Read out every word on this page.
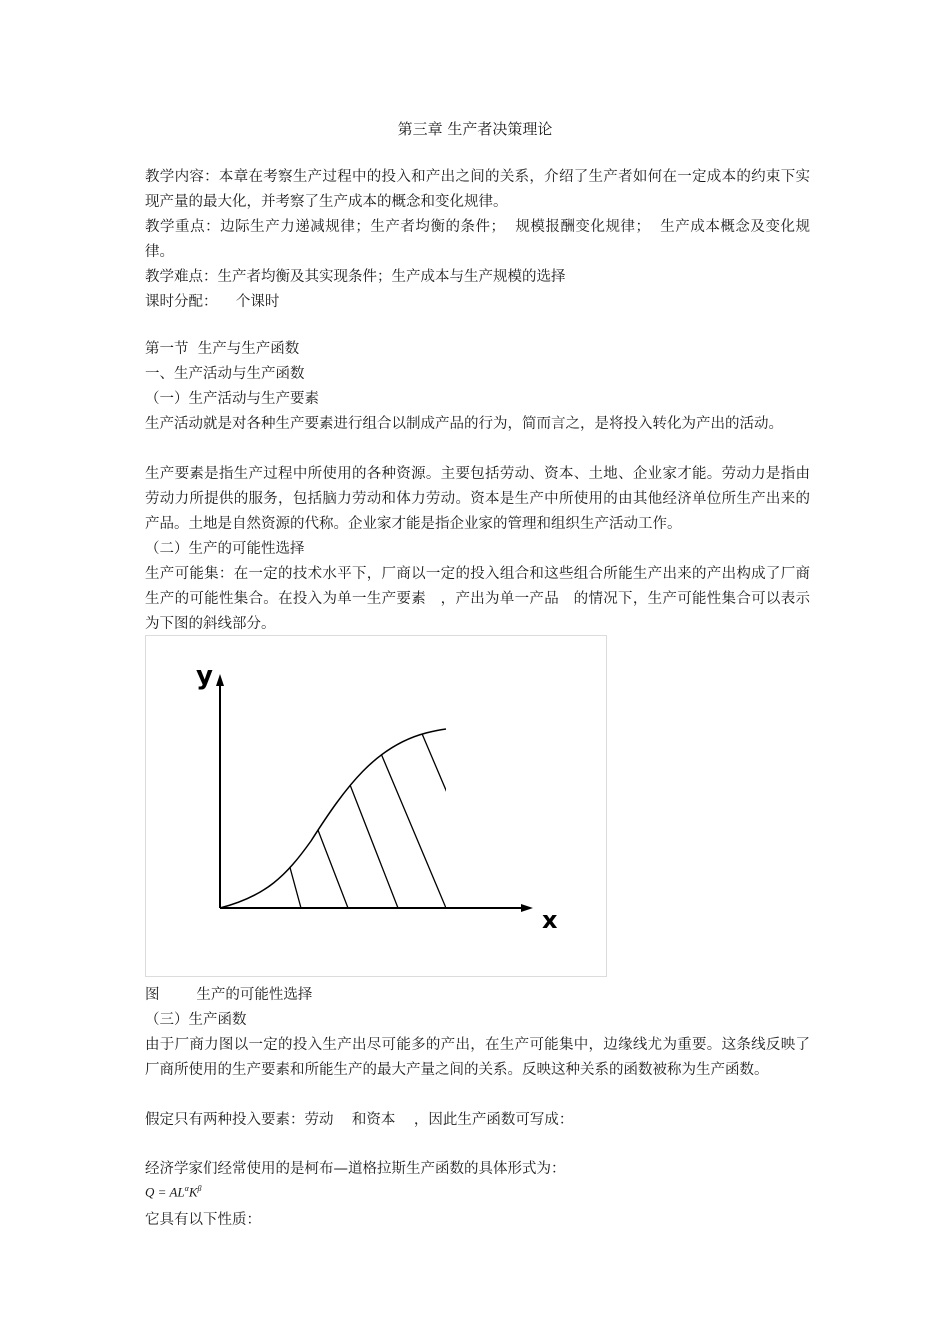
第三章 生产者决策理论
教学内容：本章在考察生产过程中的投入和产出之间的关系，介绍了生产者如何在一定成本的约束下实现产量的最大化，并考察了生产成本的概念和变化规律。
教学重点：边际生产力递减规律；生产者均衡的条件；  规模报酬变化规律；  生产成本概念及变化规律。
教学难点：生产者均衡及其实现条件；生产成本与生产规模的选择
课时分配：    个课时
第一节  生产与生产函数
一、生产活动与生产函数
（一）生产活动与生产要素
生产活动就是对各种生产要素进行组合以制成产品的行为，简而言之，是将投入转化为产出的活动。
生产要素是指生产过程中所使用的各种资源。主要包括劳动、资本、土地、企业家才能。劳动力是指由劳动力所提供的服务，包括脑力劳动和体力劳动。资本是生产中所使用的由其他经济单位所生产出来的产品。土地是自然资源的代称。企业家才能是指企业家的管理和组织生产活动工作。
（二）生产的可能性选择
生产可能集：在一定的技术水平下，厂商以一定的投入组合和这些组合所能生产出来的产出构成了厂商生产的可能性集合。在投入为单一生产要素   ，产出为单一产品   的情况下，生产可能性集合可以表示为下图的斜线部分。
y
x
图        生产的可能性选择
（三）生产函数
由于厂商力图以一定的投入生产出尽可能多的产出，在生产可能集中，边缘线尤为重要。这条线反映了厂商所使用的生产要素和所能生产的最大产量之间的关系。反映这种关系的函数被称为生产函数。
假定只有两种投入要素：劳动    和资本    ，因此生产函数可写成：
经济学家们经常使用的是柯布—道格拉斯生产函数的具体形式为：
$Q = AL^\alpha K^\beta$
它具有以下性质：
